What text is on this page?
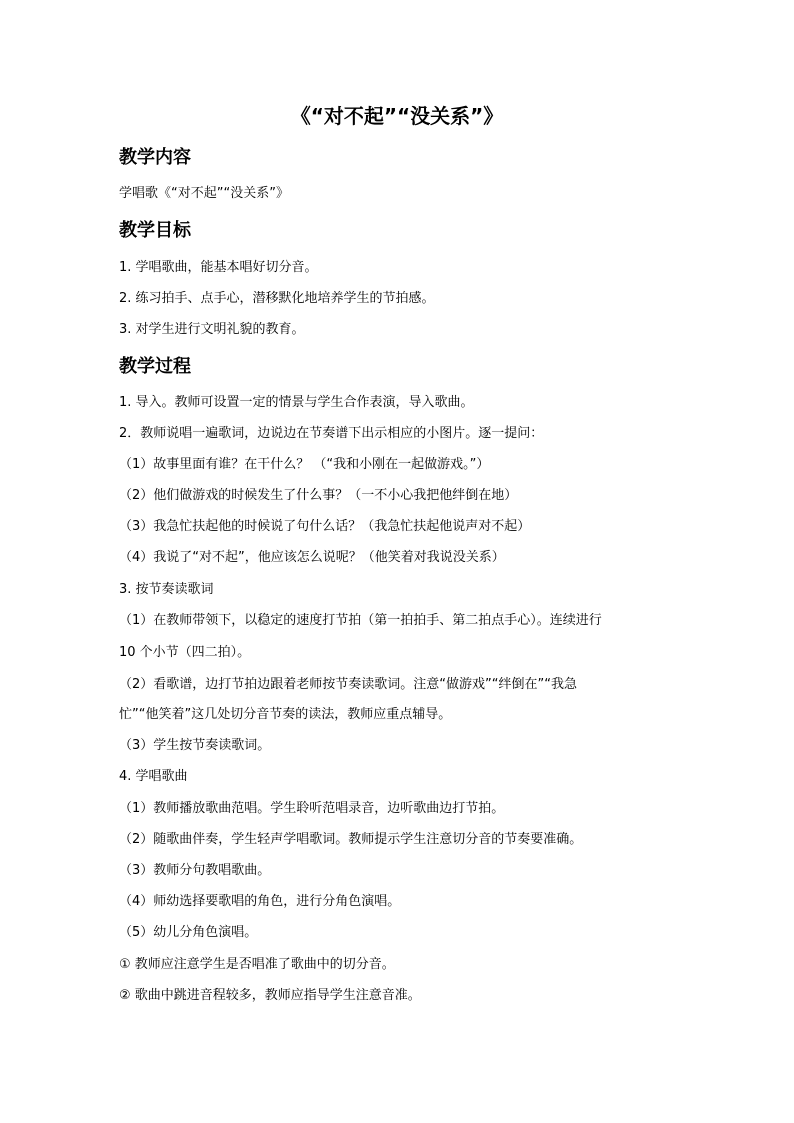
《“对不起”“没关系”》
教学内容
学唱歌《“对不起”“没关系”》
教学目标
1. 学唱歌曲，能基本唱好切分音。
2. 练习拍手、点手心，潜移默化地培养学生的节拍感。
3. 对学生进行文明礼貌的教育。
教学过程
1. 导入。教师可设置一定的情景与学生合作表演，导入歌曲。
2．教师说唱一遍歌词，边说边在节奏谱下出示相应的小图片。逐一提问：
（1）故事里面有谁？在干什么？ （“我和小刚在一起做游戏。”）
（2）他们做游戏的时候发生了什么事？（一不小心我把他绊倒在地）
（3）我急忙扶起他的时候说了句什么话？（我急忙扶起他说声对不起）
（4）我说了“对不起”，他应该怎么说呢？（他笑着对我说没关系）
3. 按节奏读歌词
（1）在教师带领下，以稳定的速度打节拍（第一拍拍手、第二拍点手心）。连续进行
10 个小节（四二拍）。
（2）看歌谱，边打节拍边跟着老师按节奏读歌词。注意“做游戏”“绊倒在”“我急
忙”“他笑着”这几处切分音节奏的读法，教师应重点辅导。
（3）学生按节奏读歌词。
4. 学唱歌曲
（1）教师播放歌曲范唱。学生聆听范唱录音，边听歌曲边打节拍。
（2）随歌曲伴奏，学生轻声学唱歌词。教师提示学生注意切分音的节奏要准确。
（3）教师分句教唱歌曲。
（4）师幼选择要歌唱的角色，进行分角色演唱。
（5）幼儿分角色演唱。
① 教师应注意学生是否唱准了歌曲中的切分音。
② 歌曲中跳进音程较多，教师应指导学生注意音准。
